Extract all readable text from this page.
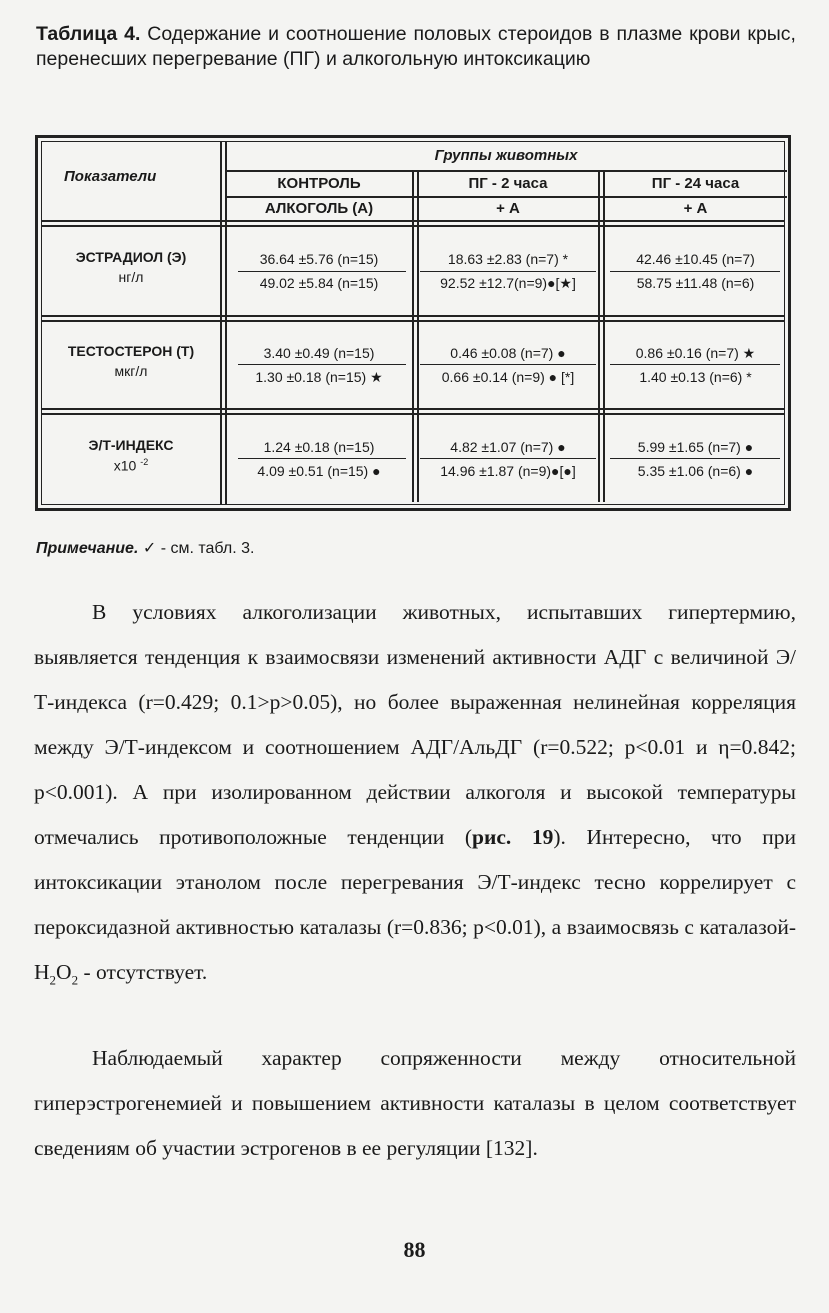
Таблица 4. Содержание и соотношение половых стероидов в плазме крови крыс, перенесших перегревание (ПГ) и алкогольную интоксикацию
Показатели
Группы животных
КОНТРОЛЬ	ПГ - 2 часа	ПГ - 24 часа
АЛКОГОЛЬ (А)	+ А	+ А
ЭСТРАДИОЛ (Э)
нг/л
36.64 ±5.76 (n=15)	18.63 ±2.83 (n=7) *	42.46 ±10.45 (n=7)
49.02 ±5.84 (n=15)	92.52 ±12.7(n=9)●[★]	58.75 ±11.48 (n=6)
ТЕСТОСТЕРОН (Т)
мкг/л
3.40 ±0.49 (n=15)	0.46 ±0.08 (n=7) ●	0.86 ±0.16 (n=7) ★
1.30 ±0.18 (n=15) ★	0.66 ±0.14 (n=9) ● [*]	1.40 ±0.13 (n=6) *
Э/Т-ИНДЕКС
x10 $^{-2}$
1.24 ±0.18 (n=15)	4.82 ±1.07 (n=7) ●	5.99 ±1.65 (n=7) ●
4.09 ±0.51 (n=15) ●	14.96 ±1.87 (n=9)●[●]	5.35 ±1.06 (n=6) ●
Примечание. ✓ - см. табл. 3.

В условиях алкоголизации животных, испытавших гипертермию, выявляется тенденция к взаимосвязи изменений активности АДГ с величиной Э/Т-индекса (r=0.429; 0.1>p>0.05), но более выраженная нелинейная корреляция между Э/Т-индексом и соотношением АДГ/АльДГ (r=0.522; p<0.01 и η=0.842; p<0.001). А при изолированном действии алкоголя и высокой температуры отмечались противоположные тенденции (рис. 19). Интересно, что при интоксикации этанолом после перегревания Э/Т-индекс тесно коррелирует с пероксидазной активностью каталазы (r=0.836; p<0.01), а взаимосвязь с каталазой-$H_2O_2$ - отсутствует.

Наблюдаемый характер сопряженности между относительной гиперэстрогенемией и повышением активности каталазы в целом соответствует сведениям об участии эстрогенов в ее регуляции [132].

88
